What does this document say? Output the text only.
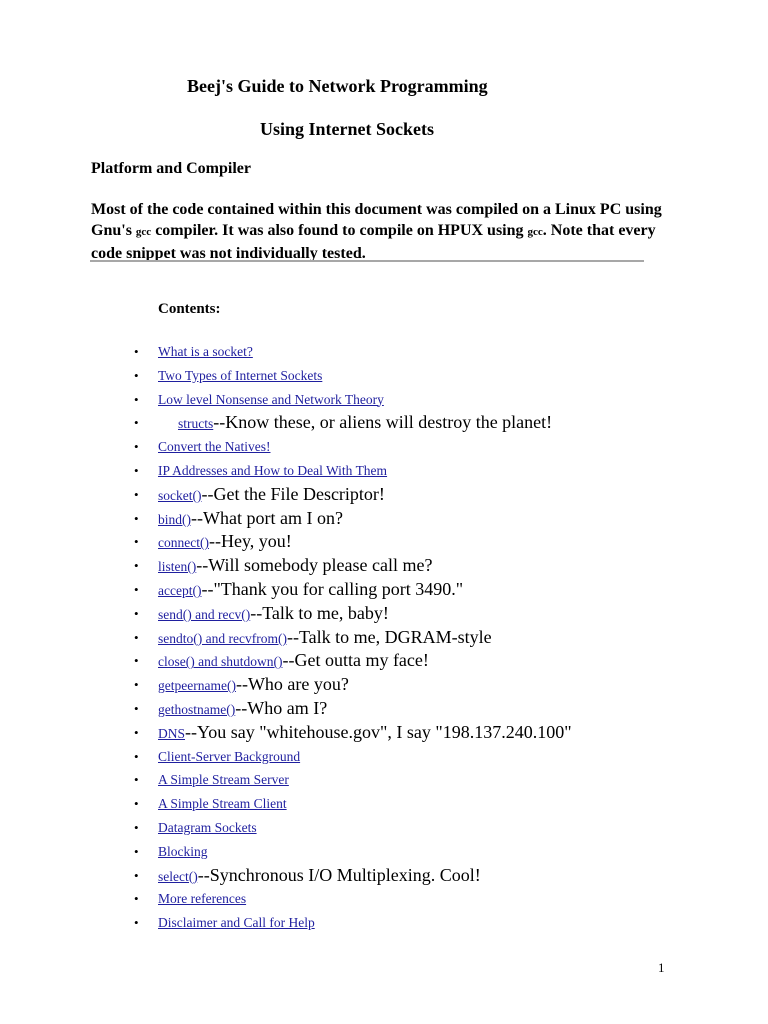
Beej's Guide to Network Programming
Using Internet Sockets
Platform and Compiler
Most of the code contained within this document was compiled on a Linux PC using
Gnu's gcc compiler. It was also found to compile on HPUX using gcc. Note that every
code snippet was not individually tested.
Contents:
• What is a socket?
• Two Types of Internet Sockets
• Low level Nonsense and Network Theory
•	structs--Know these, or aliens will destroy the planet!
• Convert the Natives!
• IP Addresses and How to Deal With Them
• socket()--Get the File Descriptor!
• bind()--What port am I on?
• connect()--Hey, you!
• listen()--Will somebody please call me?
• accept()--"Thank you for calling port 3490."
• send() and recv()--Talk to me, baby!
• sendto() and recvfrom()--Talk to me, DGRAM-style
• close() and shutdown()--Get outta my face!
• getpeername()--Who are you?
• gethostname()--Who am I?
• DNS--You say "whitehouse.gov", I say "198.137.240.100"
• Client-Server Background
• A Simple Stream Server
• A Simple Stream Client
• Datagram Sockets
• Blocking
• select()--Synchronous I/O Multiplexing. Cool!
• More references
• Disclaimer and Call for Help
1
